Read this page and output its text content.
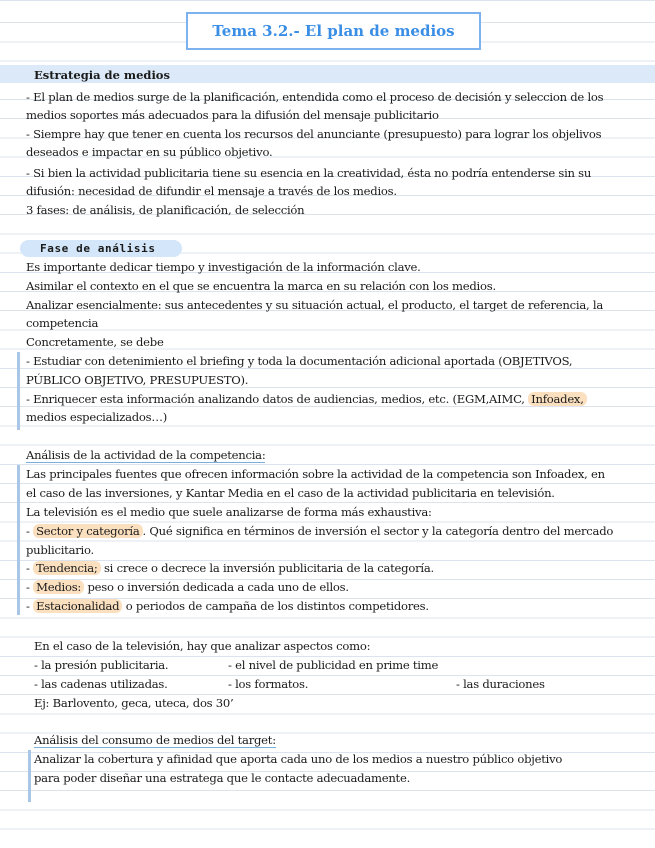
Tema 3.2.- El plan de medios
Estrategia de medios
- El plan de medios surge de la planificación, entendida como el proceso de decisión y seleccion de los
medios soportes más adecuados para la difusión del mensaje publicitario
- Siempre hay que tener en cuenta los recursos del anunciante (presupuesto) para lograr los objelivos
deseados e impactar en su público objetivo.
- Si bien la actividad publicitaria tiene su esencia en la creatividad, ésta no podría entenderse sin su
difusión: necesidad de difundir el mensaje a través de los medios.
3 fases: de análisis, de planificación, de selección
Fase de análisis
Es importante dedicar tiempo y investigación de la información clave.
Asimilar el contexto en el que se encuentra la marca en su relación con los medios.
Analizar esencialmente: sus antecedentes y su situación actual, el producto, el target de referencia, la
competencia
Concretamente, se debe
- Estudiar con detenimiento el briefing y toda la documentación adicional aportada (OBJETIVOS,
PÚBLICO OBJETIVO, PRESUPUESTO).
- Enriquecer esta información analizando datos de audiencias, medios, etc. (EGM,AIMC, Infoadex,
medios especializados…)
Análisis de la actividad de la competencia:
Las principales fuentes que ofrecen información sobre la actividad de la competencia son Infoadex, en
el caso de las inversiones, y Kantar Media en el caso de la actividad publicitaria en televisión.
La televisión es el medio que suele analizarse de forma más exhaustiva:
- Sector y categoría . Qué significa en términos de inversión el sector y la categoría dentro del mercado
publicitario.
- Tendencia; si crece o decrece la inversión publicitaria de la categoría.
- Medios: peso o inversión dedicada a cada uno de ellos.
- Estacionalidad o periodos de campaña de los distintos competidores.
En el caso de la televisión, hay que analizar aspectos como:
- la presión publicitaria.	- el nivel de publicidad en prime time
- las cadenas utilizadas.	- los formatos.	- las duraciones
Ej: Barlovento, geca, uteca, dos 30’
Análisis del consumo de medios del target:
Analizar la cobertura y afinidad que aporta cada uno de los medios a nuestro público objetivo
para poder diseñar una estratega que le contacte adecuadamente.
